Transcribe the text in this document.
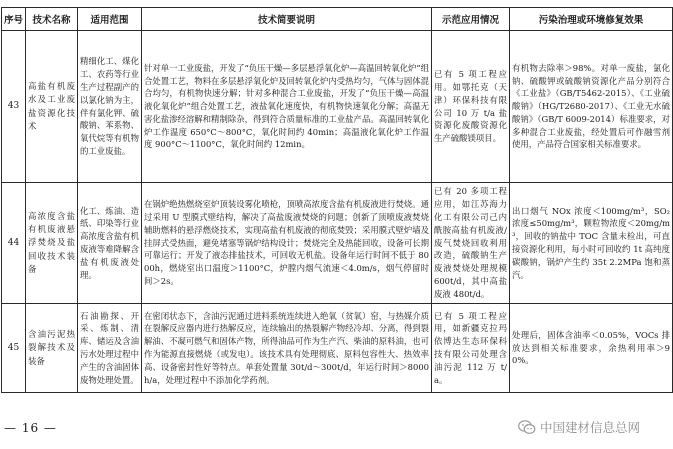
序号	技术名称	适用范围	技术简要说明	示范应用情况	污染治理或环境修复效果
43	高盐有机废水及工业废盐资源化技术	精细化工、煤化工、农药等行业生产过程副产的以氯化钠为主，伴有氯化钾、硫酸钠、苯系物、氧代烷等有机物的工业废盐。	针对单一工业废盐，开发了“负压干燥—多层悬浮氧化炉—高温回转氧化炉”组合处置工艺，物料在多层悬浮氧化炉及回转氧化炉内受热均匀，气体与固体混合均匀，有机物快速分解；针对多种混合工业废盐，开发了“负压干燥—高温液化氧化炉”组合处置工艺，液盐氧化速度快，有机物快速氧化分解；高温无害化盐渗经溶解和精制除杂，得到符合质量标准的工业盐产品。高温回转氧化炉工作温度 650°C～800°C，氧化时间约 40min；高温液化氧化炉工作温度 900°C～1100°C，氧化时间约 12min。	已有 5 项工程应用。如鄂托克（天津）环保科技有限公司 10 万 t/a 盐资源化废酸资源化生产硫酸镁项目。	有机物去除率＞98%。对单一废盐，氯化钠、硫酸钾或硫酸钠资源化产品分别符合《工业盐》（GB/T5462-2015）、《工业硫酸钠》（HG/T2680-2017）、《工业无水硫酸钠》（GB/T 6009-2014）标准要求，对多种混合工业废盐，经处置后可作融雪剂使用，产品符合国家相关标准要求。

44	高浓度含盐有机废液悬浮焚烧及盐回收技术装备	化工、炼油、造纸、印染等行业高浓度含盐有机废液等难降解含盐有机废液处理。	在锅炉绝热燃烧室炉顶装设雾化喷枪，顶喷高浓度含盐有机废液进行焚烧。通过采用 U 型膜式壁结构，解决了高盐废液焚烧的问题；创新了顶喷废液焚烧辅助燃料的悬浮燃烧技术，实现高盐有机废液的彻底焚毁；采用膜式壁炉墙及挂屏式受热面，避免堵塞等锅炉结构设计；焚烧完全及热能回收，设备可长期可靠运行；开发了液态排盐技术，可回收无机盐。设备年运行时间不低于 8000h，燃烧室出口温度＞1100°C，炉膛内烟气流速＜4.0m/s，烟气停留时间＞2s。	已有 20 多项工程应用，如江苏海力化工有限公司己内酰胺高盐有机废液/废气焚烧回收利用改造，硫酸钠生产废液焚烧处理规模 600t/d，其中高盐废液 480t/d。	出口烟气 NOx 浓度＜100mg/m³，SO₂ 浓度≤50mg/m³，颗粒物浓度＜20mg/m³，回收的钠盐中 TOC 含量未检出，可直接资源化利用，每小时可回收约 1t 高纯度碳酸钠，锅炉产生约 35t 2.2MPa 饱和蒸汽。

45	含油污泥热裂解技术及装备	石油勘探、开采、炼制、清库、储运及含油污水处理过程中产生的含油固体废物处理处置。	在密闭状态下，含油污泥通过进料系统连续进入绝氧（贫氧）窑，与热媒介质在裂解反应器内进行热解反应，连续输出的热裂解产物经冷却、分离，得到裂解油、不凝可燃气和固体产物，所得油品可作为生产汽、柴油的原料油，也可作为能源直接燃烧（或发电）。该技术具有处理彻底、原料包容性大、热效率高、设备密封性好等特点。单套处置量 30t/d～300t/d，年运行时间＞8000h/a，处理过程中不添加化学药剂。	已有 5 项工程应用，如新疆克拉玛依博达生态环保科技有限公司处理含油污泥 112 万 t/a。	处理后，固体含油率＜0.05%，VOCs 排放达到相关标准要求，余热利用率＞90%。
— 16 —	中国建材信息总网
